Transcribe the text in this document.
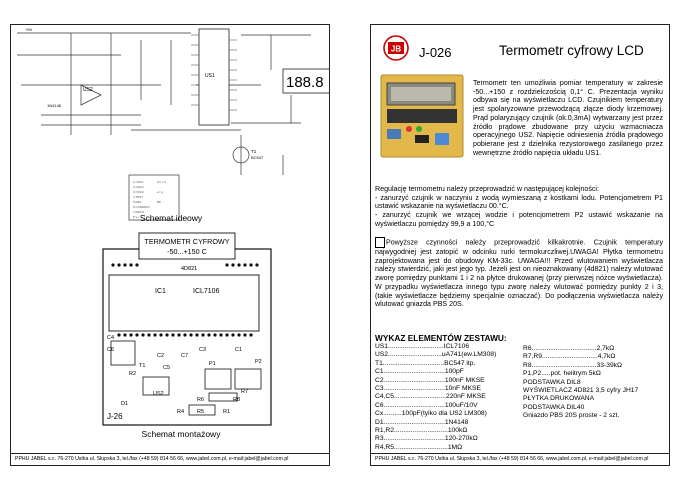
US1
US2
T1
BC547
+5V
1N4148
188.8
1 OSC1
2 OSC2
3 OSC3
4 TEST
5 REF
6 COMMON
7 INPUT
8 V+
a b c d
e f g
BP
Schemat ideowy
TERMOMETR CYFROWY
-50...+150 C
4D821
IC1	ICL7106
C4
C2
C6
C7
C3
C5
C1
US2
T1
D1
P1	P2
R7
R8
R6
R5
R4	R1
R2
J-26
Schemat montażowy
PPHU JABEL s.c. 76-270 Ustka ul. Słupska 3, tel./fax (+48 59) 814 56 66, www.jabel.com.pl, e-mail:jabel@jabel.com.pl
JB J-026	Termometr cyfrowy LCD
Termometr ten umożliwia pomiar temperatury w zakresie -50...+150 z rozdzielczością 0,1° C. Prezentacja wyniku odbywa się na wyświetlaczu LCD. Czujnikiem temperatury jest spolaryzowane przewodzącą złącze diody krzemowej. Prąd polaryzujący czujnik (ok.0,3mA) wytwarzany jest przez źródło prądowe zbudowane przy użyciu wzmacniacza operacyjnego US2. Napięcie odniesienia źródła prądowego pobierane jest z dzielnika rezystorowego zasilanego przez wewnętrzne źródło napięcia układu US1.
Regulację termometru należy przeprowadzić w następującej kolejności:
- zanurzyć czujnik w naczyniu z wodą wymieszaną z kostkami lodu. Potencjometrem P1 ustawić wskazanie na wyświetlaczu 00.°C.
- zanurzyć czujnik we wrzącej wodzie i potencjometrem P2 ustawić wskazanie na wyświetlaczu pomiędzy 99,9 a 100,°C
Powyższe czynności należy przeprowadzić kilkakrotnie. Czujnik temperatury najwygodniej jest zatopić w odcinku rurki termokurczliwej.UWAGA! Płytka termometru zaprojektowana jest do obudowy KM-33c. UWAGA!!! Przed wlutowaniem wyświetlacza należy stwierdzić, jaki jest jego typ. Jeżeli jest on nieoznakowany (4d821) należy wlutować zworę pomiędzy punktami 1 i 2 na płytce drukowanej (przy pierwszej nóżce wyświetlacza). W przypadku wyświetlacza innego typu zworę należy wlutować pomiędzy punkty 2 i 3, (takie wyświetlacze będziemy specjalnie oznaczać). Do podłączenia wyświetlacza należy wlutować gniazda PBS 20S.
WYKAZ ELEMENTÓW ZESTAWU:
US1..............................ICL7106
US2.............................uA741(ew.LM308)
T1.................................BC547 itp.
C1.................................100pF
C2.................................100nF MKSE
C3.................................10nF MKSE
C4,C5............................220nF MKSE
C6.................................100uF/10V
Cx..........100pF(tylko dla US2 LM308)
D1.................................1N4148
R1,R2.............................100kΩ
R3.................................120-270kΩ
R4,R5.............................1MΩ
R6...................................2,7kΩ
R7,R9..............................4,7kΩ
R8...................................33-39kΩ
P1,P2.....pot. helitrym 5kΩ
PODSTAWKA DIL8
WYŚWIETLACZ 4D821 3,5 cyfry JH17
PŁYTKA DRUKOWANA
PODSTAWKA DIL40
Gniazdo PBS 20S proste - 2 szt.
PPHU JABEL s.c. 76-270 Ustka ul. Słupska 3, tel./fax (+48 59) 814 56 66, www.jabel.com.pl, e-mail:jabel@jabel.com.pl
